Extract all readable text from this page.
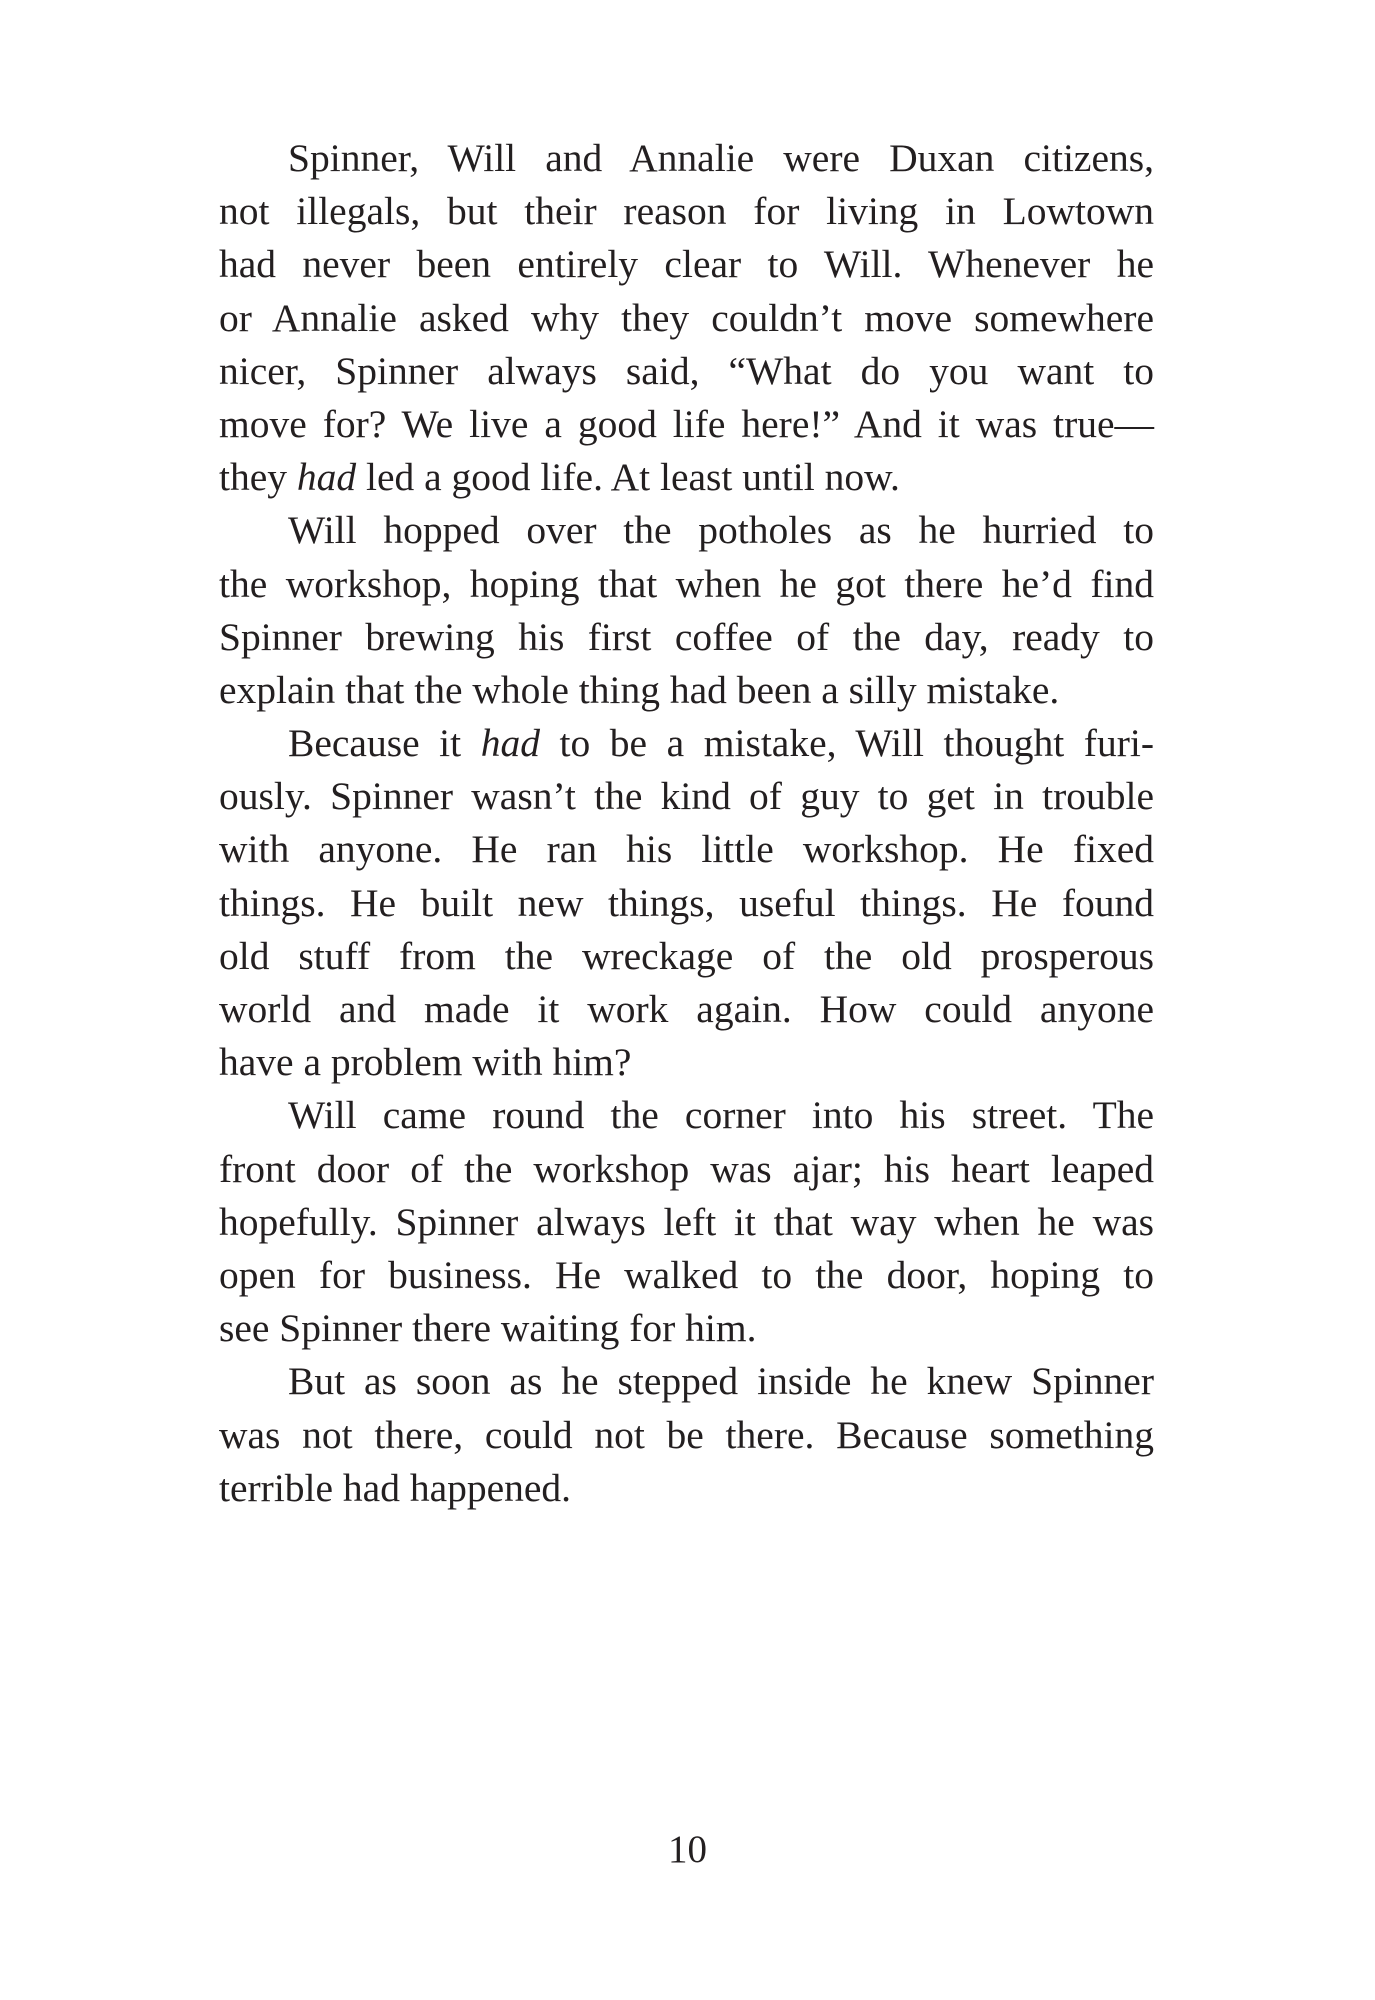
Spinner, Will and Annalie were Duxan citizens,
not illegals, but their reason for living in Lowtown
had never been entirely clear to Will. Whenever he
or Annalie asked why they couldn’t move somewhere
nicer, Spinner always said, “What do you want to
move for? We live a good life here!” And it was true—
they had led a good life. At least until now.
Will hopped over the potholes as he hurried to
the workshop, hoping that when he got there he’d find
Spinner brewing his first coffee of the day, ready to
explain that the whole thing had been a silly mistake.
Because it had to be a mistake, Will thought furi-
ously. Spinner wasn’t the kind of guy to get in trouble
with anyone. He ran his little workshop. He fixed
things. He built new things, useful things. He found
old stuff from the wreckage of the old prosperous
world and made it work again. How could anyone
have a problem with him?
Will came round the corner into his street. The
front door of the workshop was ajar; his heart leaped
hopefully. Spinner always left it that way when he was
open for business. He walked to the door, hoping to
see Spinner there waiting for him.
But as soon as he stepped inside he knew Spinner
was not there, could not be there. Because something
terrible had happened.
10
